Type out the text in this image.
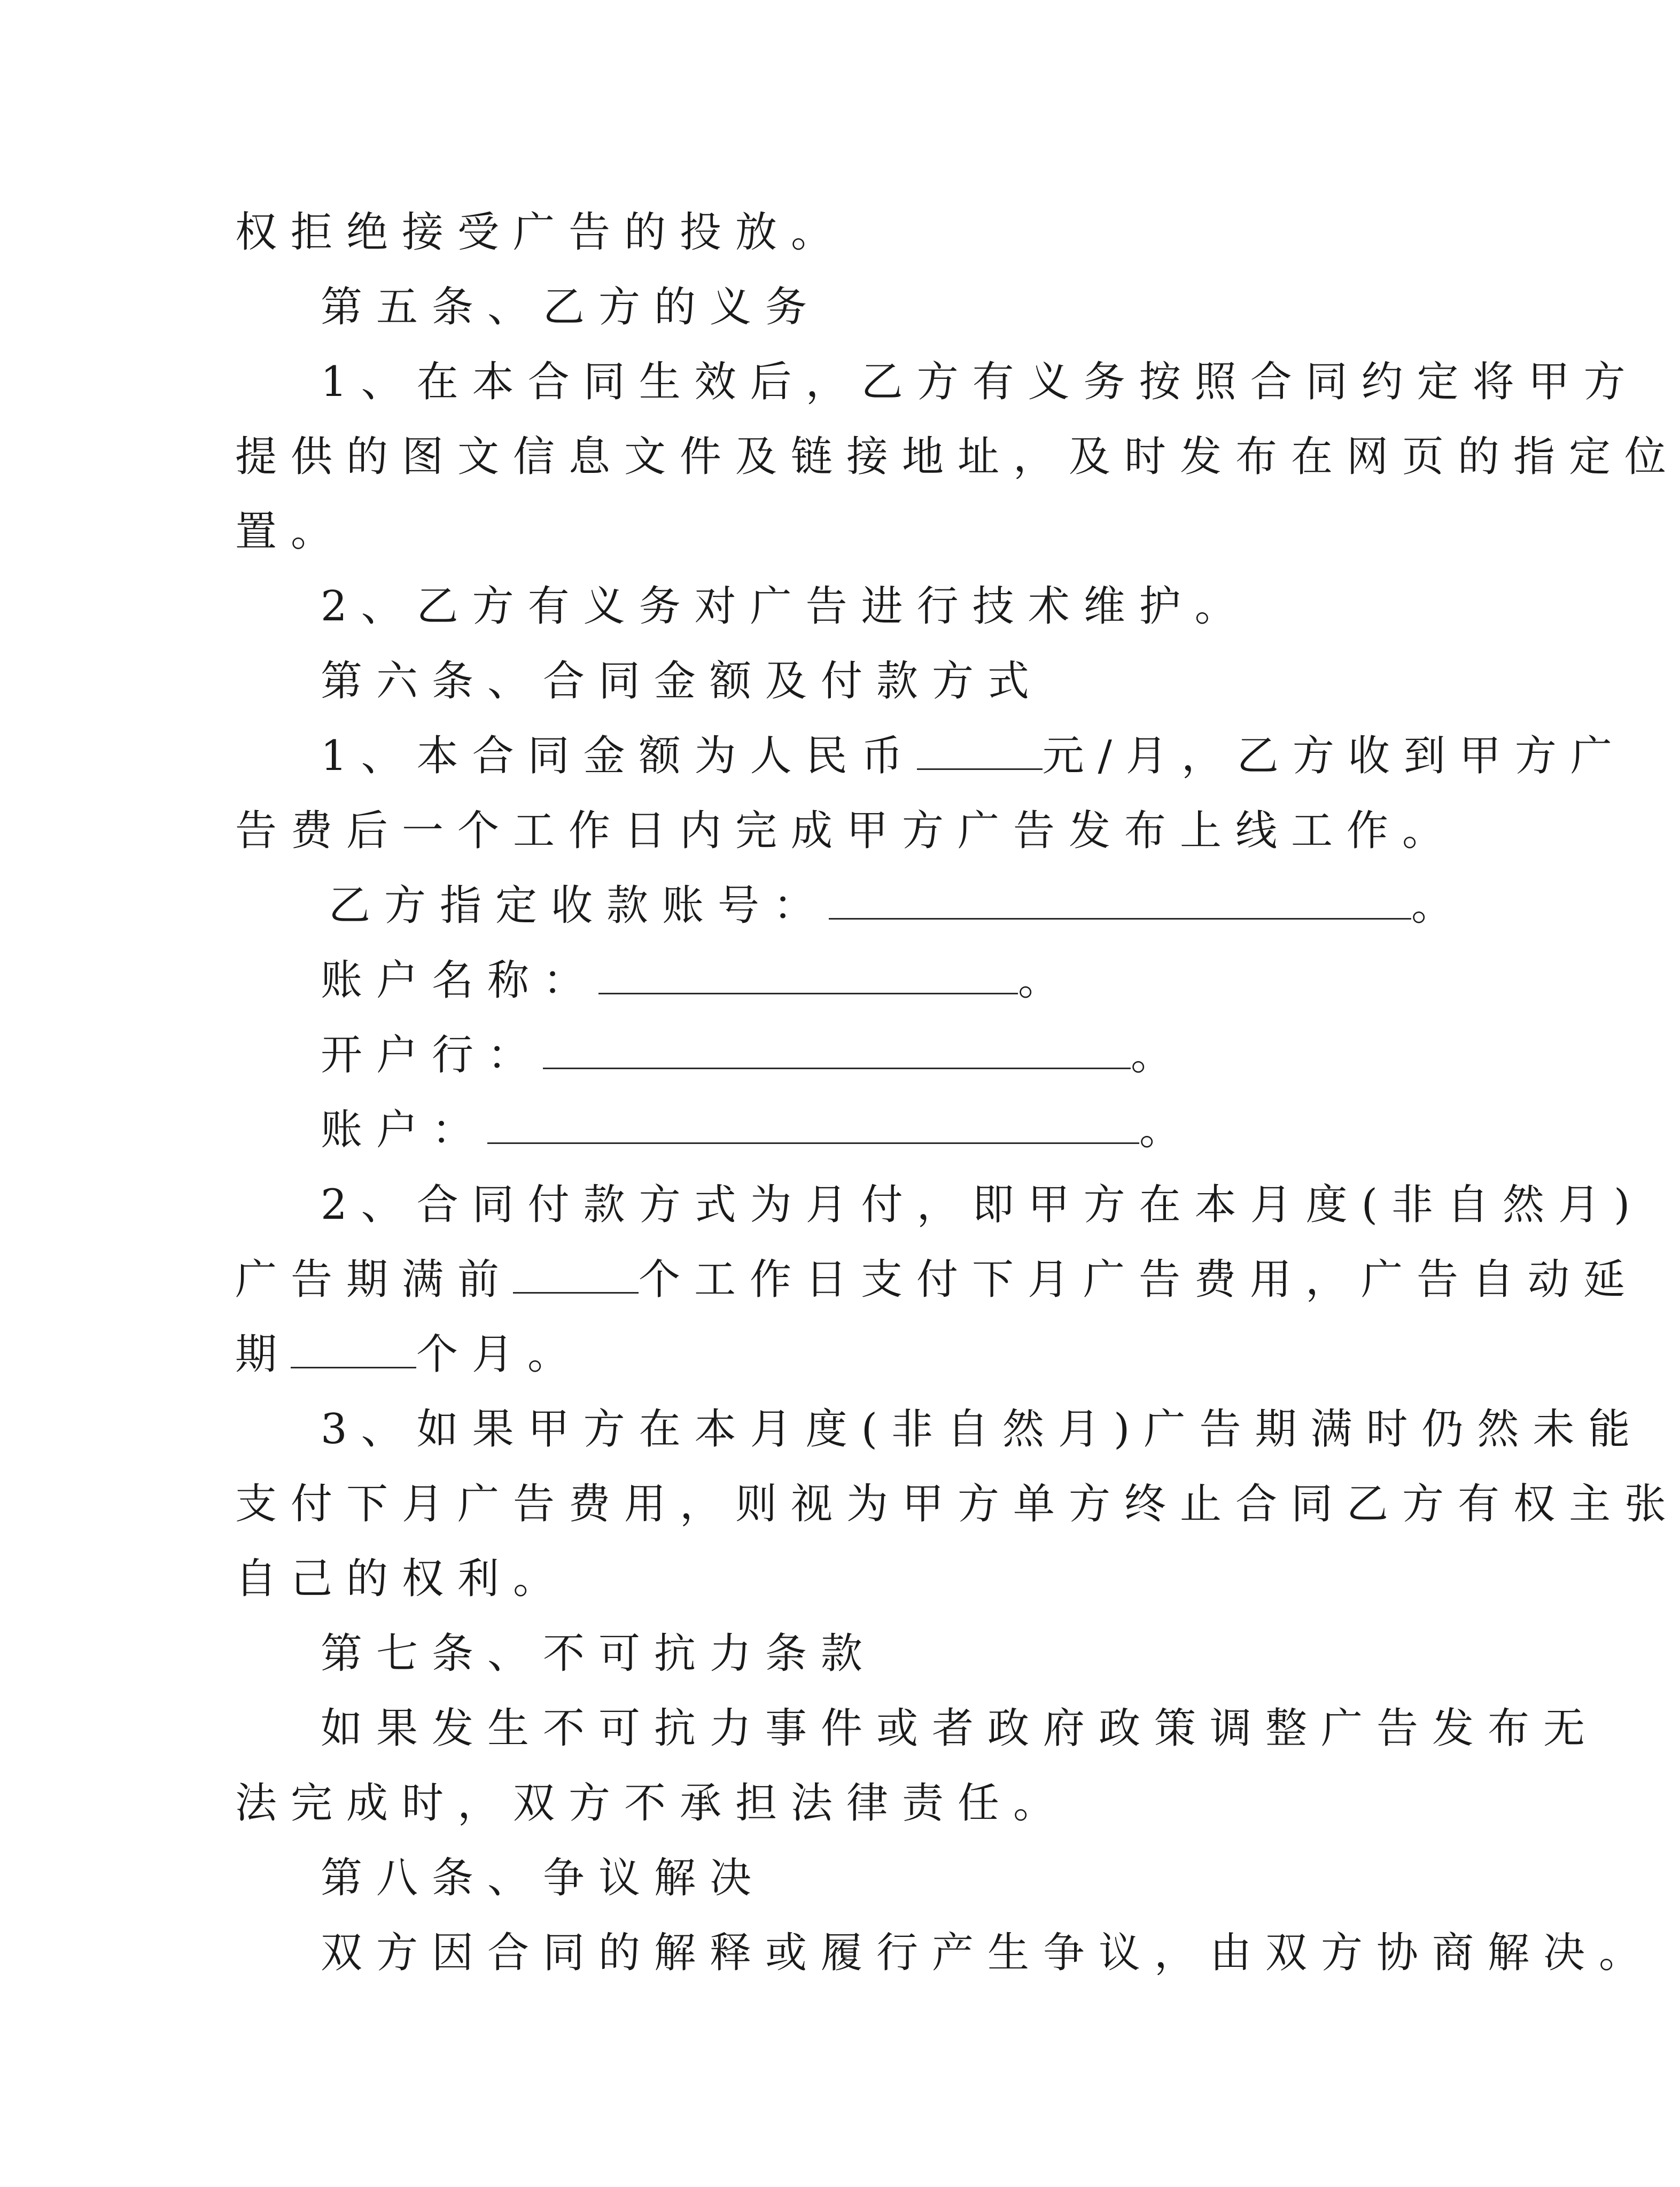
权拒绝接受广告的投放。

第五条、乙方的义务

1、在本合同生效后，乙方有义务按照合同约定将甲方

提供的图文信息文件及链接地址，及时发布在网页的指定位

置。

2、乙方有义务对广告进行技术维护。

第六条、合同金额及付款方式

1、本合同金额为人民币	元/月，乙方收到甲方广

告费后一个工作日内完成甲方广告发布上线工作。

乙方指定收款账号：	。

账户名称：	。

开户行：	。

账户：	。

2、合同付款方式为月付，即甲方在本月度(非自然月)

广告期满前	个工作日支付下月广告费用，广告自动延

期	个月。

3、如果甲方在本月度(非自然月)广告期满时仍然未能

支付下月广告费用，则视为甲方单方终止合同乙方有权主张

自己的权利。

第七条、不可抗力条款

如果发生不可抗力事件或者政府政策调整广告发布无

法完成时，双方不承担法律责任。

第八条、争议解决

双方因合同的解释或履行产生争议，由双方协商解决。
